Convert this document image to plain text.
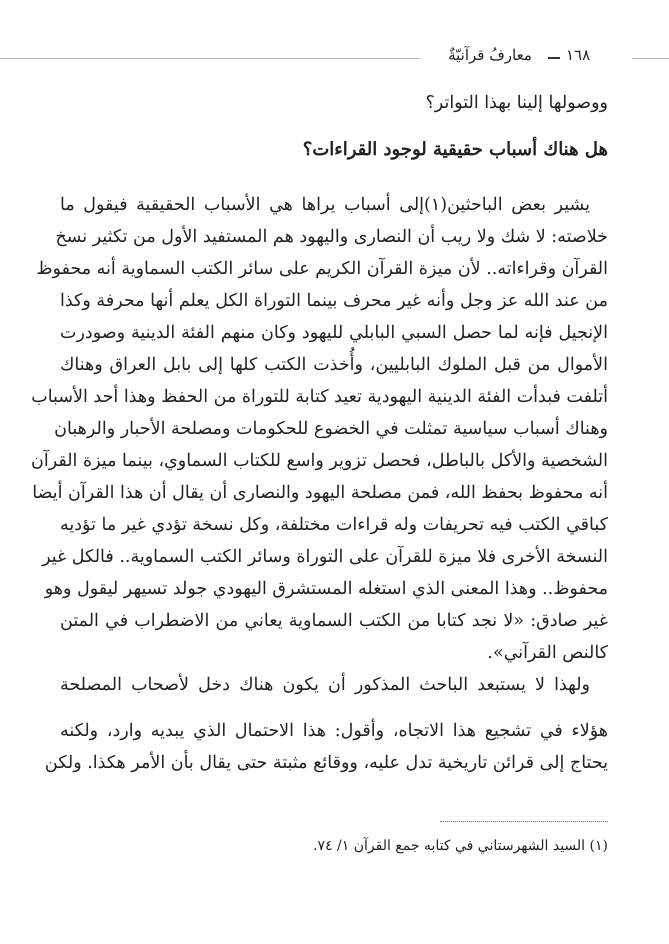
معارفُ قرآنيّةٌ	١٦٨
ووصولها إلينا بهذا التواتر؟
هل هناك أسباب حقيقية لوجود القراءات؟
يشير بعض الباحثين(١)إلى أسباب يراها هي الأسباب الحقيقية فيقول ما
خلاصته: لا شك ولا ريب أن النصارى واليهود هم المستفيد الأول من تكثير نسخ
القرآن وقراءاته.. لأن ميزة القرآن الكريم على سائر الكتب السماوية أنه محفوظ
من عند الله عز وجل وأنه غير محرف بينما التوراة الكل يعلم أنها محرفة وكذا
الإنجيل فإنه لما حصل السبي البابلي لليهود وكان منهم الفئة الدينية وصودرت
الأموال من قبل الملوك البابليين، وأُخذت الكتب كلها إلى بابل العراق وهناك
أتلفت فبدأت الفئة الدينية اليهودية تعيد كتابة للتوراة من الحفظ وهذا أحد الأسباب
وهناك أسباب سياسية تمثلت في الخضوع للحكومات ومصلحة الأحبار والرهبان
الشخصية والأكل بالباطل، فحصل تزوير واسع للكتاب السماوي، بينما ميزة القرآن
أنه محفوظ بحفظ الله، فمن مصلحة اليهود والنصارى أن يقال أن هذا القرآن أيضا
كباقي الكتب فيه تحريفات وله قراءات مختلفة، وكل نسخة تؤدي غير ما تؤديه
النسخة الأخرى فلا ميزة للقرآن على التوراة وسائر الكتب السماوية.. فالكل غير
محفوظ.. وهذا المعنى الذي استغله المستشرق اليهودي جولد تسيهر ليقول وهو
غير صادق: «لا نجد كتابا من الكتب السماوية يعاني من الاضطراب في المتن
كالنص القرآني».
ولهذا لا يستبعد الباحث المذكور أن يكون هناك دخل لأصحاب المصلحة
هؤلاء في تشجيع هذا الاتجاه، وأقول: هذا الاحتمال الذي يبديه وارد، ولكنه
يحتاج إلى قرائن تاريخية تدل عليه، ووقائع مثبتة حتى يقال بأن الأمر هكذا. ولكن
(١) السيد الشهرستاني في كتابه جمع القرآن ١/ ٧٤.
